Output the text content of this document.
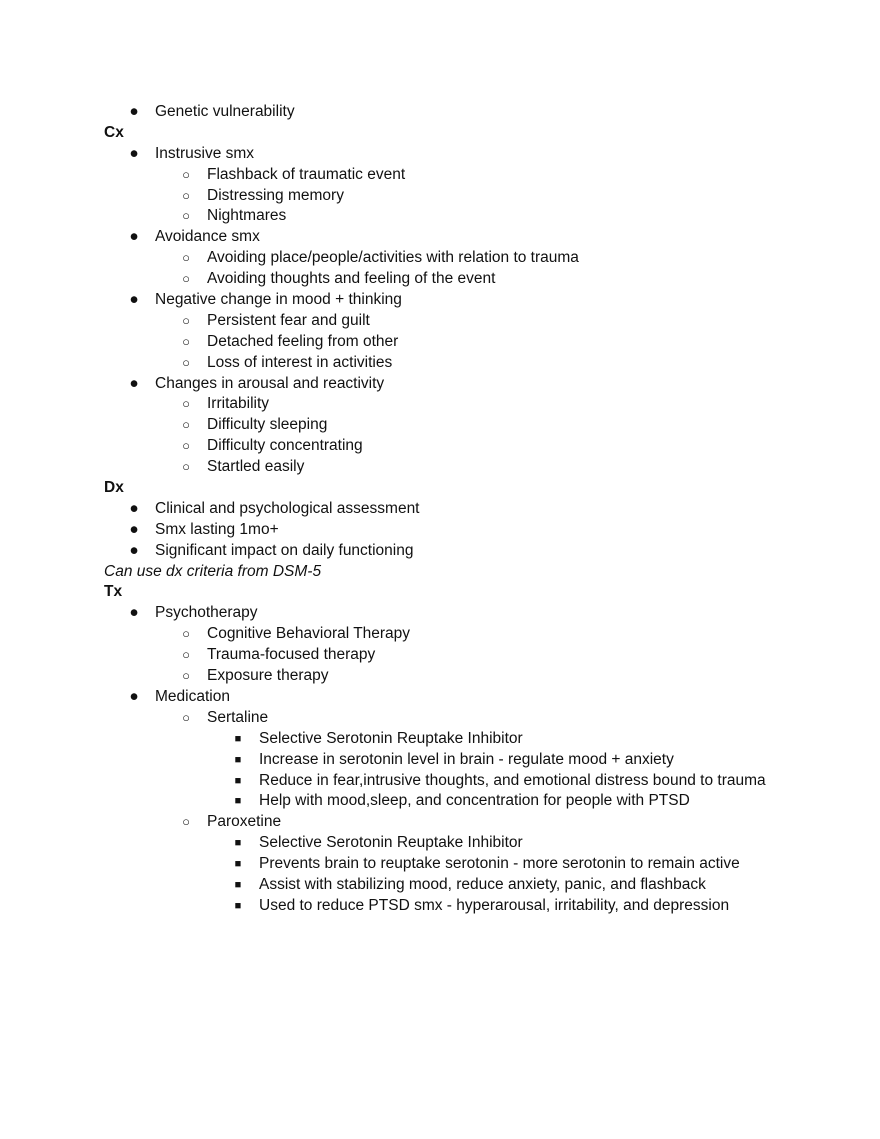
● Genetic vulnerability
Cx
● Instrusive smx
○ Flashback of traumatic event
○ Distressing memory
○ Nightmares
● Avoidance smx
○ Avoiding place/people/activities with relation to trauma
○ Avoiding thoughts and feeling of the event
● Negative change in mood + thinking
○ Persistent fear and guilt
○ Detached feeling from other
○ Loss of interest in activities
● Changes in arousal and reactivity
○ Irritability
○ Difficulty sleeping
○ Difficulty concentrating
○ Startled easily
Dx
● Clinical and psychological assessment
● Smx lasting 1mo+
● Significant impact on daily functioning
Can use dx criteria from DSM-5
Tx
● Psychotherapy
○ Cognitive Behavioral Therapy
○ Trauma-focused therapy
○ Exposure therapy
● Medication
○ Sertaline
■ Selective Serotonin Reuptake Inhibitor
■ Increase in serotonin level in brain - regulate mood + anxiety
■ Reduce in fear,intrusive thoughts, and emotional distress bound to trauma
■ Help with mood,sleep, and concentration for people with PTSD
○ Paroxetine
■ Selective Serotonin Reuptake Inhibitor
■ Prevents brain to reuptake serotonin - more serotonin to remain active
■ Assist with stabilizing mood, reduce anxiety, panic, and flashback
■ Used to reduce PTSD smx - hyperarousal, irritability, and depression
